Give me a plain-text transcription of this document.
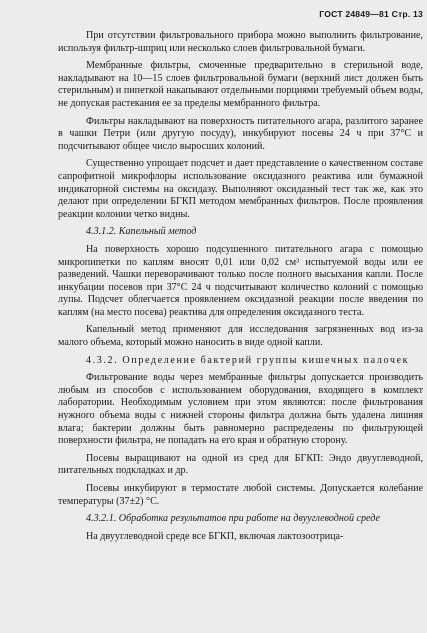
ГОСТ 24849—81 Стр. 13

При отсутствии фильтровального прибора можно выполнить фильтрование, используя фильтр-шприц или несколько слоев фильтровальной бумаги.

Мембранные фильтры, смоченные предварительно в стерильной воде, накладывают на 10—15 слоев фильтровальной бумаги (верхний лист должен быть стерильным) и пипеткой накапывают отдельными порциями требуемый объем воды, не допуская растекания ее за пределы мембранного фильтра.

Фильтры накладывают на поверхность питательного агара, разлитого заранее в чашки Петри (или другую посуду), инкубируют посевы 24 ч при 37°С и подсчитывают общее число выросших колоний.

Существенно упрощает подсчет и дает представление о качественном составе сапрофитной микрофлоры использование оксидазного реактива или бумажной индикаторной системы на оксидазу. Выполняют оксидазный тест так же, как это делают при определении БГКП методом мембранных фильтров. После проявления реакции колонии четко видны.

4.3.1.2. Капельный метод

На поверхность хорошо подсушенного питательного агара с помощью микропипетки по каплям вносят 0,01 или 0,02 см³ испытуемой воды или ее разведений. Чашки переворачивают только после полного высыхания капли. После инкубации посевов при 37°С 24 ч подсчитывают количество колоний с помощью лупы. Подсчет облегчается проявлением оксидазной реакции после введения по каплям (на место посева) реактива для определения оксидазного теста.

Капельный метод применяют для исследования загрязненных вод из-за малого объема, который можно наносить в виде одной капли.

4.3.2. Определение бактерий группы кишечных палочек

Фильтрование воды через мембранные фильтры допускается производить любым из способов с использованием оборудования, входящего в комплект лаборатории. Необходимым условием при этом являются: после фильтрования нужного объема воды с нижней стороны фильтра должна быть удалена лишняя влага; бактерии должны быть равномерно распределены по фильтрующей поверхности фильтра, не попадать на его края и обратную сторону.

Посевы выращивают на одной из сред для БГКП: Эндо двууглеводной, питательных подкладках и др.

Посевы инкубируют в термостате любой системы. Допускается колебание температуры (37±2) °С.

4.3.2.1. Обработка результатов при работе на двууглеводной среде

На двууглеводной среде все БГКП, включая лактозоотрица-
